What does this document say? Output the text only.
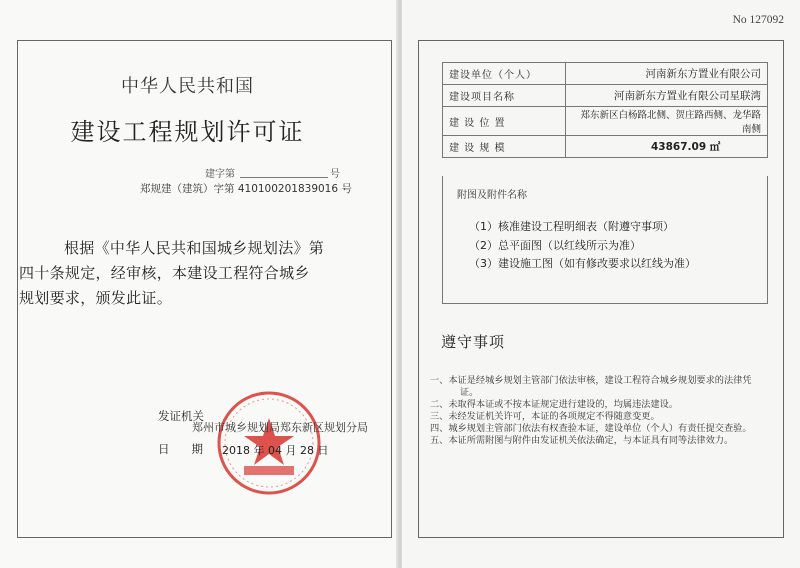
中华人民共和国
建设工程规划许可证
建字第	号
郑规建（建筑）字第 410100201839016 号
根据《中华人民共和国城乡规划法》第
四十条规定，经审核，本建设工程符合城乡
规划要求，颁发此证。
发证机关
郑州市城乡规划局郑东新区规划分局
日期
2018 年 04 月 28 日
No 127092
建设单位（个人）	河南新东方置业有限公司
建设项目名称	河南新东方置业有限公司星联湾
建 设 位 置	郑东新区白杨路北侧、贺庄路西侧、龙华路南侧
建 设 规 模	43867.09 ㎡
附图及附件名称
（1）核准建设工程明细表（附遵守事项）
（2）总平面图（以红线所示为准）
（3）建设施工图（如有修改要求以红线为准）
遵守事项
一、本证是经城乡规划主管部门依法审核，建设工程符合城乡规划要求的法律凭证。
二、未取得本证或不按本证规定进行建设的，均属违法建设。
三、未经发证机关许可，本证的各项规定不得随意变更。
四、城乡规划主管部门依法有权查验本证，建设单位（个人）有责任提交查验。
五、本证所需附图与附件由发证机关依法确定，与本证具有同等法律效力。
